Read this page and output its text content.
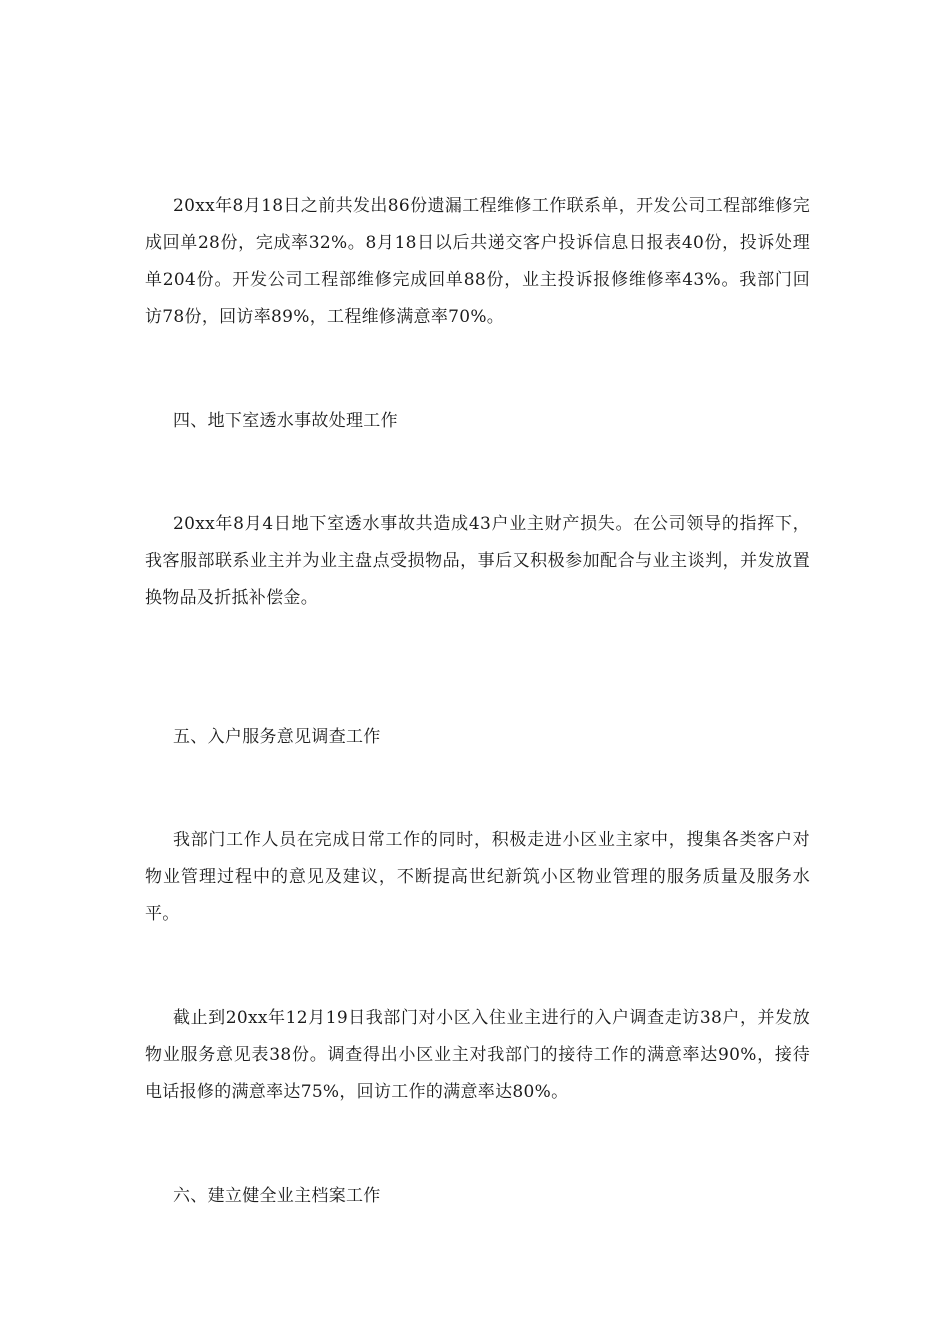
20xx年8月18日之前共发出86份遗漏工程维修工作联系单，开发公司工程部维修完成回单28份，完成率32%。8月18日以后共递交客户投诉信息日报表40份，投诉处理单204份。开发公司工程部维修完成回单88份，业主投诉报修维修率43%。我部门回访78份，回访率89%，工程维修满意率70%。

四、地下室透水事故处理工作

20xx年8月4日地下室透水事故共造成43户业主财产损失。在公司领导的指挥下，我客服部联系业主并为业主盘点受损物品，事后又积极参加配合与业主谈判，并发放置换物品及折抵补偿金。

五、入户服务意见调查工作

我部门工作人员在完成日常工作的同时，积极走进小区业主家中，搜集各类客户对物业管理过程中的意见及建议，不断提高世纪新筑小区物业管理的服务质量及服务水平。

截止到20xx年12月19日我部门对小区入住业主进行的入户调查走访38户，并发放物业服务意见表38份。调查得出小区业主对我部门的接待工作的满意率达90%，接待电话报修的满意率达75%，回访工作的满意率达80%。

六、建立健全业主档案工作
